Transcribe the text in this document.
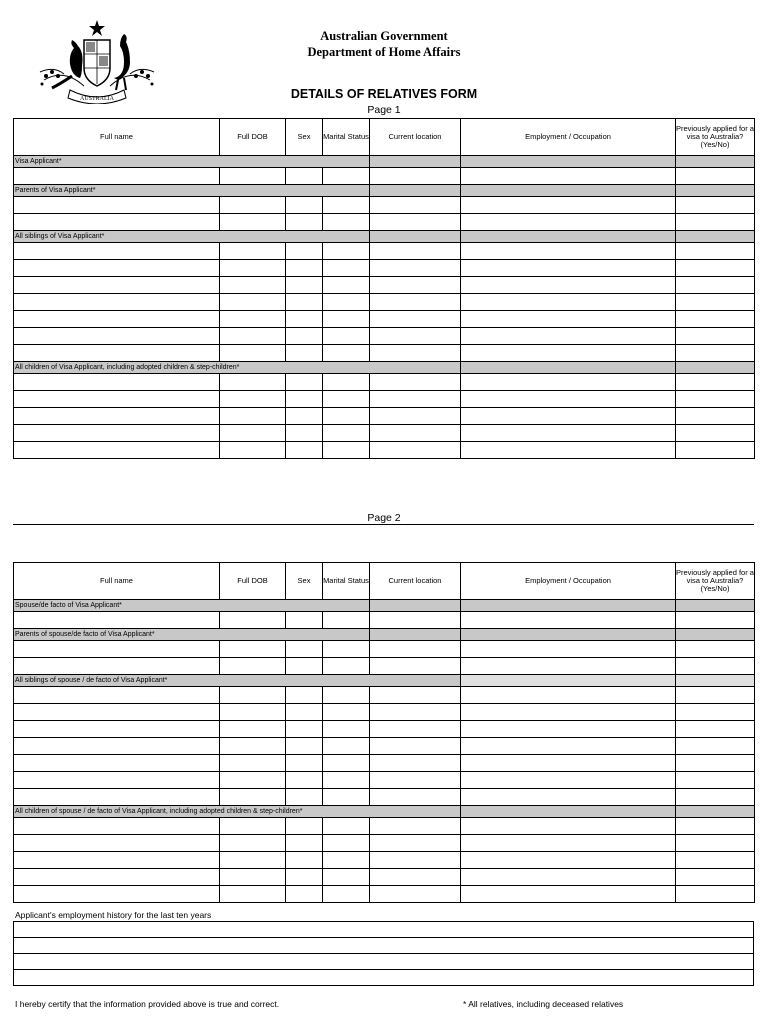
AUSTRALIA
Australian Government
Department of Home Affairs
DETAILS OF RELATIVES FORM
Page 1
Full name	Full DOB	Sex	Marital Status	Current location	Employment / Occupation	Previously applied for a visa to Australia? (Yes/No)
Visa Applicant*						

Parents of Visa Applicant*						

All siblings of Visa Applicant*						

All children of Visa Applicant, including adopted children & step-children*						

Page 2
Full name	Full DOB	Sex	Marital Status	Current location	Employment / Occupation	Previously applied for a visa to Australia? (Yes/No)
Spouse/de facto of Visa Applicant*						

Parents of spouse/de facto of Visa Applicant*						

All siblings of spouse / de facto of Visa Applicant*						

All children of spouse / de facto of Visa Applicant, including adopted children & step-children*						

Applicant's employment history for the last ten years

I hereby certify that the information provided above is true and correct.	* All relatives, including deceased relatives
